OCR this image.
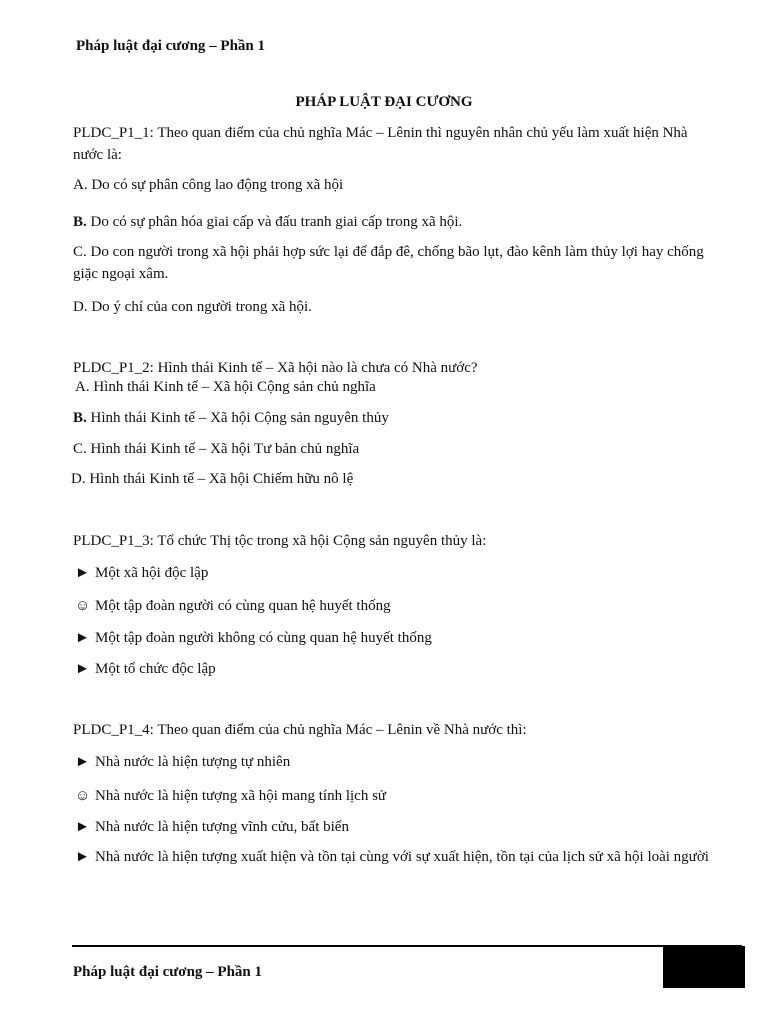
Pháp luật đại cương – Phần 1
PHÁP LUẬT ĐẠI CƯƠNG
PLDC_P1_1: Theo quan điểm của chủ nghĩa Mác – Lênin thì nguyên nhân chủ yếu làm xuất hiện Nhà nước là:
A. Do có sự phân công lao động trong xã hội
B. Do có sự phân hóa giai cấp và đấu tranh giai cấp trong xã hội.
C. Do con người trong xã hội phải hợp sức lại để đắp đê, chống bão lụt, đào kênh làm thủy lợi hay chống giặc ngoại xâm.
D. Do ý chí của con người trong xã hội.
PLDC_P1_2: Hình thái Kinh tế – Xã hội nào là chưa có Nhà nước?
A. Hình thái Kinh tế – Xã hội Cộng sản chủ nghĩa
B. Hình thái Kinh tế – Xã hội Cộng sản nguyên thủy
C. Hình thái Kinh tế – Xã hội Tư bản chủ nghĩa
D. Hình thái Kinh tế – Xã hội Chiếm hữu nô lệ
PLDC_P1_3: Tổ chức Thị tộc trong xã hội Cộng sản nguyên thủy là:
► Một xã hội độc lập
☺ Một tập đoàn người có cùng quan hệ huyết thống
► Một tập đoàn người không có cùng quan hệ huyết thống
► Một tổ chức độc lập
PLDC_P1_4: Theo quan điểm của chủ nghĩa Mác – Lênin về Nhà nước thì:
► Nhà nước là hiện tượng tự nhiên
☺ Nhà nước là hiện tượng xã hội mang tính lịch sử
► Nhà nước là hiện tượng vĩnh cửu, bất biến
► Nhà nước là hiện tượng xuất hiện và tồn tại cùng với sự xuất hiện, tồn tại của lịch sử xã hội loài người
Pháp luật đại cương – Phần 1
